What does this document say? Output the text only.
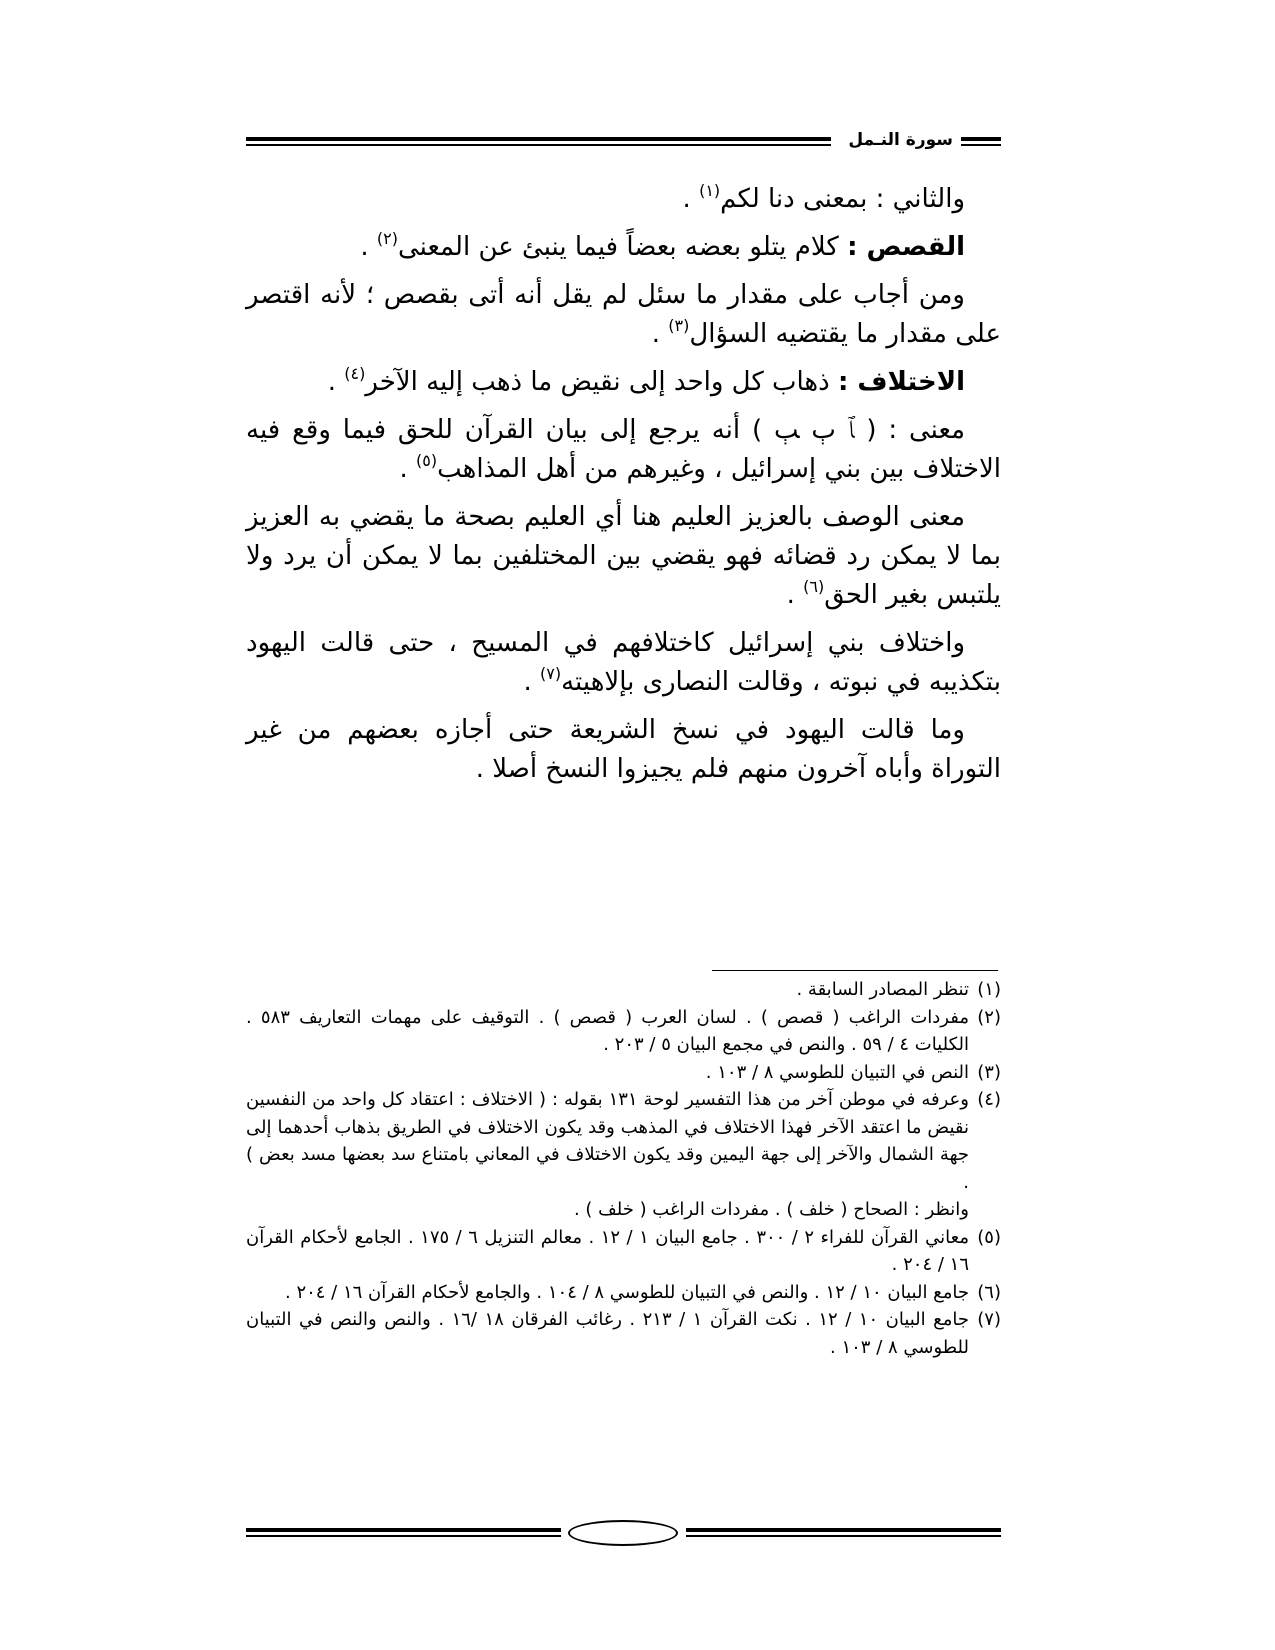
سورة النـمل

والثاني : بمعنى دنا لكم$^{(١)}$ .

القصص : كلام يتلو بعضه بعضاً فيما ينبئ عن المعنى$^{(٢)}$ .

ومن أجاب على مقدار ما سئل لم يقل أنه أتى بقصص ؛ لأنه اقتصر على مقدار ما يقتضيه السؤال$^{(٣)}$ .

الاختلاف : ذهاب كل واحد إلى نقيض ما ذهب إليه الآخر$^{(٤)}$ .

معنى : ( ﭑ ﭒ ﭓ ) أنه يرجع إلى بيان القرآن للحق فيما وقع فيه الاختلاف بين بني إسرائيل ، وغيرهم من أهل المذاهب$^{(٥)}$ .

معنى الوصف بالعزيز العليم هنا أي العليم بصحة ما يقضي به العزيز بما لا يمكن رد قضائه فهو يقضي بين المختلفين بما لا يمكن أن يرد ولا يلتبس بغير الحق$^{(٦)}$ .

واختلاف بني إسرائيل كاختلافهم في المسيح ، حتى قالت اليهود بتكذيبه في نبوته ، وقالت النصارى بإلاهيته$^{(٧)}$ .

وما قالت اليهود في نسخ الشريعة حتى أجازه بعضهم من غير التوراة وأباه آخرون منهم فلم يجيزوا النسخ أصلا .

(١)
تنظر المصادر السابقة .
(٢)
مفردات الراغب ( قصص ) . لسان العرب ( قصص ) . التوقيف على مهمات التعاريف ٥٨٣ . الكليات ٤ / ٥٩ . والنص في مجمع البيان ٥ / ٢٠٣ .
(٣)
النص في التبيان للطوسي ٨ / ١٠٣ .
(٤)
وعرفه في موطن آخر من هذا التفسير لوحة ١٣١ بقوله : ( الاختلاف : اعتقاد كل واحد من النفسين نقيض ما اعتقد الآخر فهذا الاختلاف في المذهب وقد يكون الاختلاف في الطريق بذهاب أحدهما إلى جهة الشمال والآخر إلى جهة اليمين وقد يكون الاختلاف في المعاني بامتناع سد بعضها مسد بعض ) .
وانظر : الصحاح ( خلف ) . مفردات الراغب ( خلف ) .
(٥)
معاني القرآن للفراء ٢ / ٣٠٠ . جامع البيان ١ / ١٢ . معالم التنزيل ٦ / ١٧٥ . الجامع لأحكام القرآن ١٦ / ٢٠٤ .
(٦)
جامع البيان ١٠ / ١٢ . والنص في التبيان للطوسي ٨ / ١٠٤ . والجامع لأحكام القرآن ١٦ / ٢٠٤ .
(٧)
جامع البيان ١٠ / ١٢ . نكت القرآن ١ / ٢١٣ . رغائب الفرقان ١٨ /١٦ . والنص والنص في التبيان للطوسي ٨ / ١٠٣ .
